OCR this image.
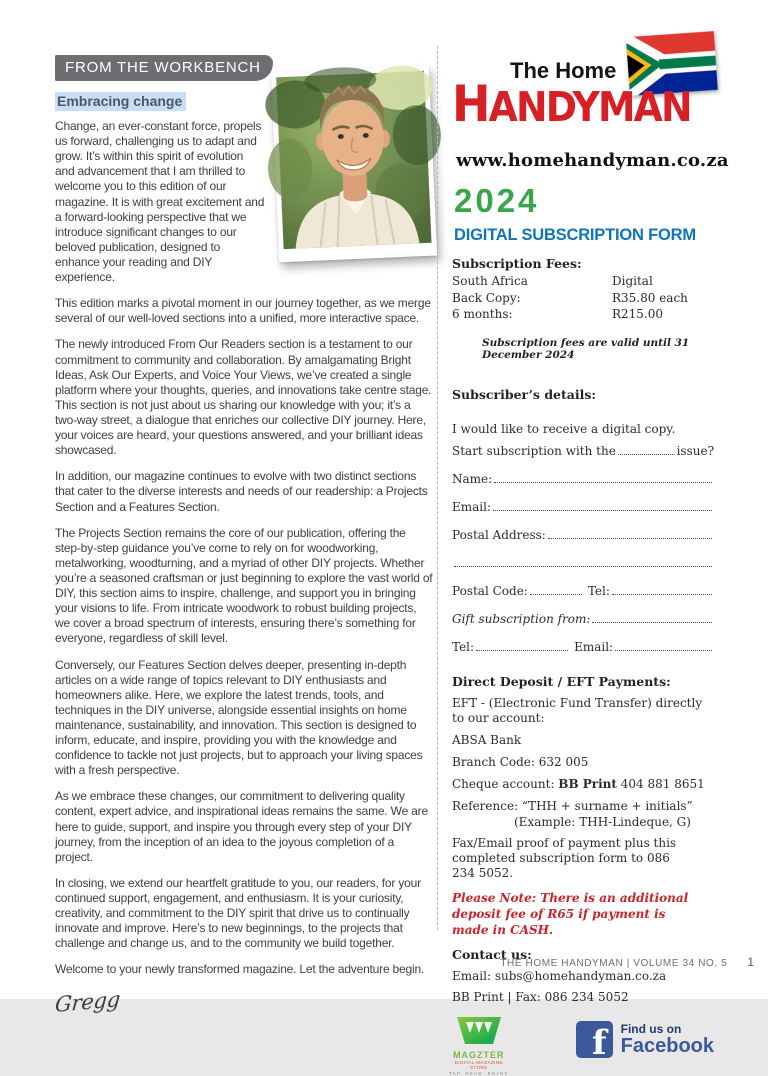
FROM THE WORKBENCH
Embracing change

Change, an ever-constant force, propels us forward, challenging us to adapt and grow. It’s within this spirit of evolution and advancement that I am thrilled to welcome you to this edition of our magazine. It is with great excitement and a forward-looking perspective that we introduce significant changes to our beloved publication, designed to enhance your reading and DIY experience.

This edition marks a pivotal moment in our journey together, as we merge several of our well-loved sections into a unified, more interactive space.

The newly introduced From Our Readers section is a testament to our commitment to community and collaboration. By amalgamating Bright Ideas, Ask Our Experts, and Voice Your Views, we’ve created a single platform where your thoughts, queries, and innovations take centre stage. This section is not just about us sharing our knowledge with you; it’s a two-way street, a dialogue that enriches our collective DIY journey. Here, your voices are heard, your questions answered, and your brilliant ideas showcased.

In addition, our magazine continues to evolve with two distinct sections that cater to the diverse interests and needs of our readership: a Projects Section and a Features Section.

The Projects Section remains the core of our publication, offering the step-by-step guidance you’ve come to rely on for woodworking, metalworking, woodturning, and a myriad of other DIY projects. Whether you’re a seasoned craftsman or just beginning to explore the vast world of DIY, this section aims to inspire, challenge, and support you in bringing your visions to life. From intricate woodwork to robust building projects, we cover a broad spectrum of interests, ensuring there’s something for everyone, regardless of skill level.

Conversely, our Features Section delves deeper, presenting in-depth articles on a wide range of topics relevant to DIY enthusiasts and homeowners alike. Here, we explore the latest trends, tools, and techniques in the DIY universe, alongside essential insights on home maintenance, sustainability, and innovation. This section is designed to inform, educate, and inspire, providing you with the knowledge and confidence to tackle not just projects, but to approach your living spaces with a fresh perspective.

As we embrace these changes, our commitment to delivering quality content, expert advice, and inspirational ideas remains the same. We are here to guide, support, and inspire you through every step of your DIY journey, from the inception of an idea to the joyous completion of a project.

In closing, we extend our heartfelt gratitude to you, our readers, for your continued support, engagement, and enthusiasm. It is your curiosity, creativity, and commitment to the DIY spirit that drive us to continually innovate and improve. Here’s to new beginnings, to the projects that challenge and change us, and to the community we build together.

Welcome to your newly transformed magazine. Let the adventure begin.

Gregg
The Home
HANDYMAN
www.homehandyman.co.za
2024
DIGITAL SUBSCRIPTION FORM
Subscription Fees:
South Africa	Digital
Back Copy:	R35.80 each
6 months:	R215.00
Subscription fees are valid until 31 December 2024
Subscriber’s details:
I would like to receive a digital copy.
Start subscription with the	issue?
Name:
Email:
Postal Address:
Postal Code:	Tel:
Gift subscription from:
Tel:	Email:
Direct Deposit / EFT Payments:
EFT - (Electronic Fund Transfer) directly to our account:
ABSA Bank
Branch Code: 632 005
Cheque account: BB Print 404 881 8651
Reference: “THH + surname + initials”
(Example: THH-Lindeque, G)
Fax/Email proof of payment plus this completed subscription form to 086 234 5052.
Please Note: There is an additional deposit fee of R65 if payment is made in CASH.
Contact us:
Email: subs@homehandyman.co.za
BB Print | Fax: 086 234 5052
MAGZTER
DIGITAL MAGAZINE STORE
TAP. READ. ENJOY
f Find us on
Facebook
THE HOME HANDYMAN | VOLUME 34 NO. 5 1
